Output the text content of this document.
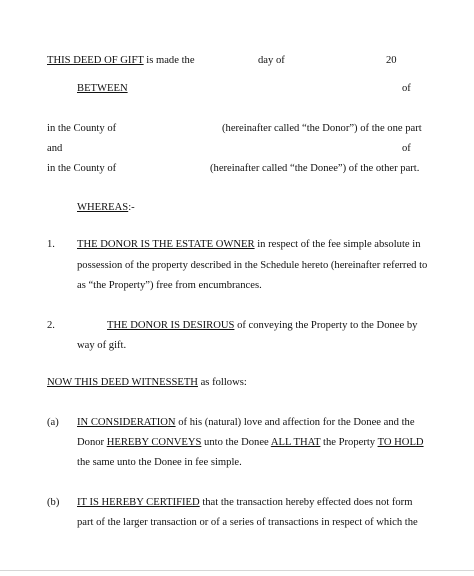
THIS DEED OF GIFT is made the	day of	20
BETWEEN	of
in the County of	(hereinafter called “the Donor”) of the one part
and	of
in the County of	(hereinafter called “the Donee”) of the other part.
WHEREAS:-
1. THE DONOR IS THE ESTATE OWNER in respect of the fee simple absolute in
possession of the property described in the Schedule hereto (hereinafter referred to
as “the Property”) free from encumbrances.
2.	THE DONOR IS DESIROUS of conveying the Property to the Donee by
way of gift.
NOW THIS DEED WITNESSETH as follows:
(a) IN CONSIDERATION of his (natural) love and affection for the Donee and the
Donor HEREBY CONVEYS unto the Donee ALL THAT the Property TO HOLD
the same unto the Donee in fee simple.
(b) IT IS HEREBY CERTIFIED that the transaction hereby effected does not form
part of the larger transaction or of a series of transactions in respect of which the
